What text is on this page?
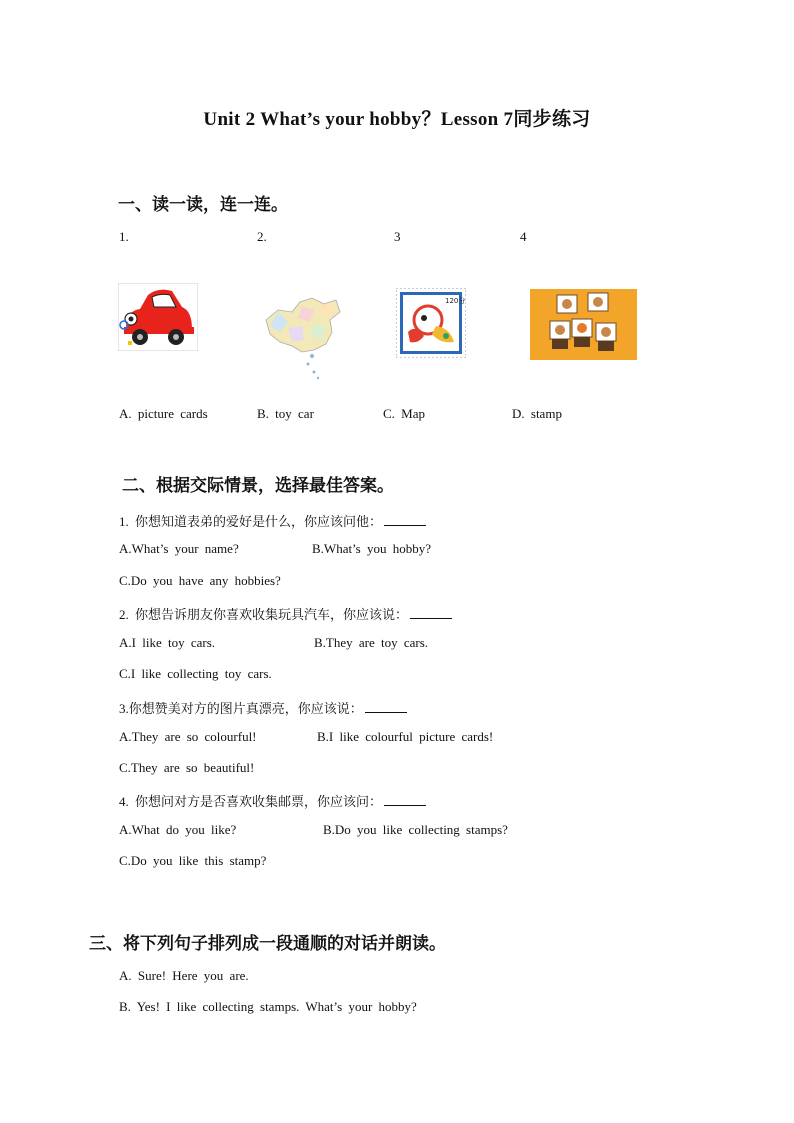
Unit 2 What’s your hobby？Lesson 7同步练习
一、读一读，连一连。
1.	2.	3	4
120分
A. picture cards	B. toy car	C. Map	D. stamp
二、根据交际情景，选择最佳答案。
1. 你想知道表弟的爱好是什么，你应该问他：
A.What’s your name?	B.What’s you hobby?
C.Do you have any hobbies?
2. 你想告诉朋友你喜欢收集玩具汽车，你应该说：
A.I like toy cars.	B.They are toy cars.
C.I like collecting toy cars.
3.你想赞美对方的图片真漂亮，你应该说：
A.They are so colourful!	B.I like colourful picture cards!
C.They are so beautiful!
4. 你想问对方是否喜欢收集邮票，你应该问：
A.What do you like?	B.Do you like collecting stamps?
C.Do you like this stamp?
三、将下列句子排列成一段通顺的对话并朗读。
A. Sure! Here you are.
B. Yes! I like collecting stamps. What’s your hobby?
